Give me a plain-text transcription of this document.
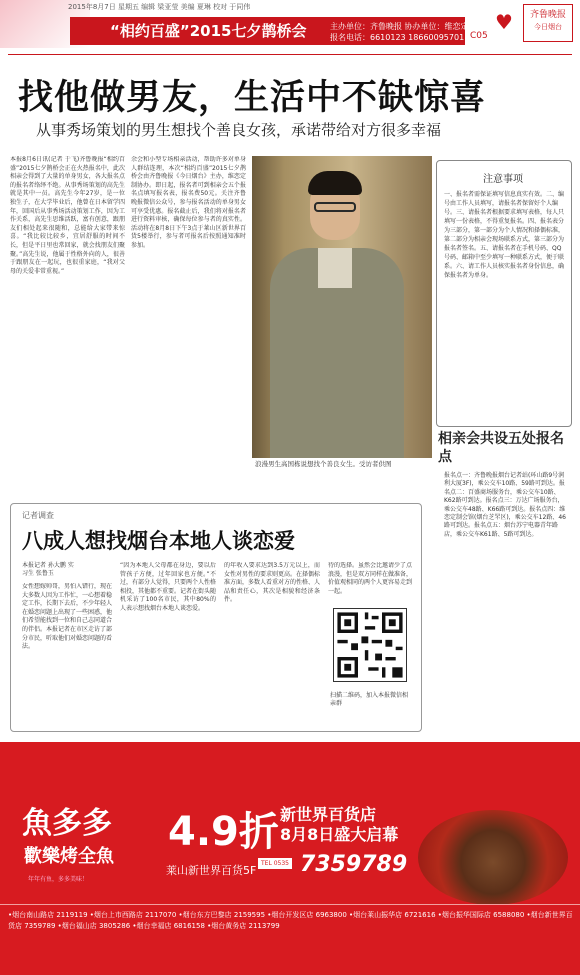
2015年8月7日 星期五 编辑 梁亚莹 美编 夏琳 校对 于同伟
“相约百盛”2015七夕鹊桥会	主办单位：齐鲁晚报 协办单位：维恋定制
报名电话：6610123 18660095701
♥
C05
齐鲁晚报
今日烟台
找他做男友，生活中不缺惊喜
从事秀场策划的男生想找个善良女孩，承诺带给对方很多幸福
本报8月6日讯(记者 于飞)齐鲁晚报“相约百盛”2015七夕鹊桥会正在火热报名中，此次相亲会得到了大量的单身男女，各大报名点的报名者络绎不绝。从事秀场策划的高先生就是其中一员。高先生今年27岁，是一位独生子，在大学毕业后，他曾在日本留学四年，回国后从事秀场活动策划工作，因为工作关系，高先生思维活跃，富有创意，跟朋友们相处起来很随和，总能给大家带来惊喜。“我比较比较乡，宜居舒服的时间不长，但是平日里也常回家，就会找朋友们聚聚。”高先生说，他属于性格外向的人，很善于跟朋友在一起玩，也很重家庭，“我对父母的关爱非常重视。”
余会和小型专场相亲活动，帮助许多对单身人群结连理，本次“相约百盛”2015七夕鹊桥会由齐鲁晚报《今日烟台》主办，维恋定制协办。即日起，报名者可到相亲会五个报名点填写报名表，报名费50元。关注齐鲁晚报微信公众号，参与报名活动的单身男女可享受优惠。报名截止后，我们将对报名者进行资料审核，确保每位参与者的真实性。活动将在8月8日下午3点于莱山区新世界百货5楼举行，参与者可报名后按照通知准时参加。
浪漫男生高国栋说想找个善良女生。受访者供图
注意事项
一、报名者需保证填写信息真实有效。二、编号由工作人员填写，请报名者保留好个人编号。三、请报名者根据要求填写表格，每人只填写一份表格，不得重复报名。四、报名表分为三部分，第一部分为个人情况和择偶标准，第二部分为相亲会现场联系方式，第三部分为报名者签名。五、请报名者在手机号码、QQ号码、邮箱中至少填写一种联系方式，便于联系。六、请工作人员核实报名者身份信息，确保报名者为单身。
相亲会共设五处报名点
报名点一：齐鲁晚报烟台记者站(环山路9号润利大厦3F)，乘公交车10路、59路可到达。报名点二：百盛商场服务台，乘公交车10路、K62路可到达。报名点三：万达广场服务台，乘公交车48路、K66路可到达。报名点四：维恋定制会馆(烟台芝罘区)，乘公交车12路、46路可到达。报名点五：烟台苏宁电器青年路店，乘公交车K61路、5路可到达。
记者调查
八成人想找烟台本地人谈恋爱
本报记者 孙大鹏 实习生 张鲁玉
女性想嫁帅哥，男怕入错行，现在大多数人因为工作忙，一心想着稳定工作，长期下去后，不少年轻人在婚恋问题上出现了一些困惑，他们希望能找到一位和自己志同道合的伴侣。本报记者在市区走访了部分市民，听取他们对婚恋问题的看法。
“因为本地人父母都在身边，要以后管孩子方便，过年回家也方便。”不过，有部分人觉得，只要两个人性格相投，其他都不重要。记者在街头随机采访了100名市民，其中80%的人表示想找烟台本地人谈恋爱。
的年收入要求达到3.5万元以上，而女性对男性的要求则更高。在择偶标准方面，多数人看重对方的性格、人品和责任心，其次是相貌和经济条件。
待的选择。虽然会比邀请少了点浪漫，但是双方同样在做准备，价值观相同的两个人更容易走到一起。
扫描二维码，加入本报微信相亲群
魚多多
歡樂烤全魚
年年有鱼，多多美味！
4.9折 新世界百货店
8月8日盛大启幕
莱山新世界百货5F
TEL 0535 7359789
•烟台南山路店 2119119 •烟台上市西路店 2117070 •烟台东方巴黎店 2159595 •烟台开发区店 6963800 •烟台莱山振华店 6721616 •烟台振华国际店 6588080 •烟台新世界百货店 7359789 •烟台福山店 3805286 •烟台幸福店 6816158 •烟台黄务店 2113799
